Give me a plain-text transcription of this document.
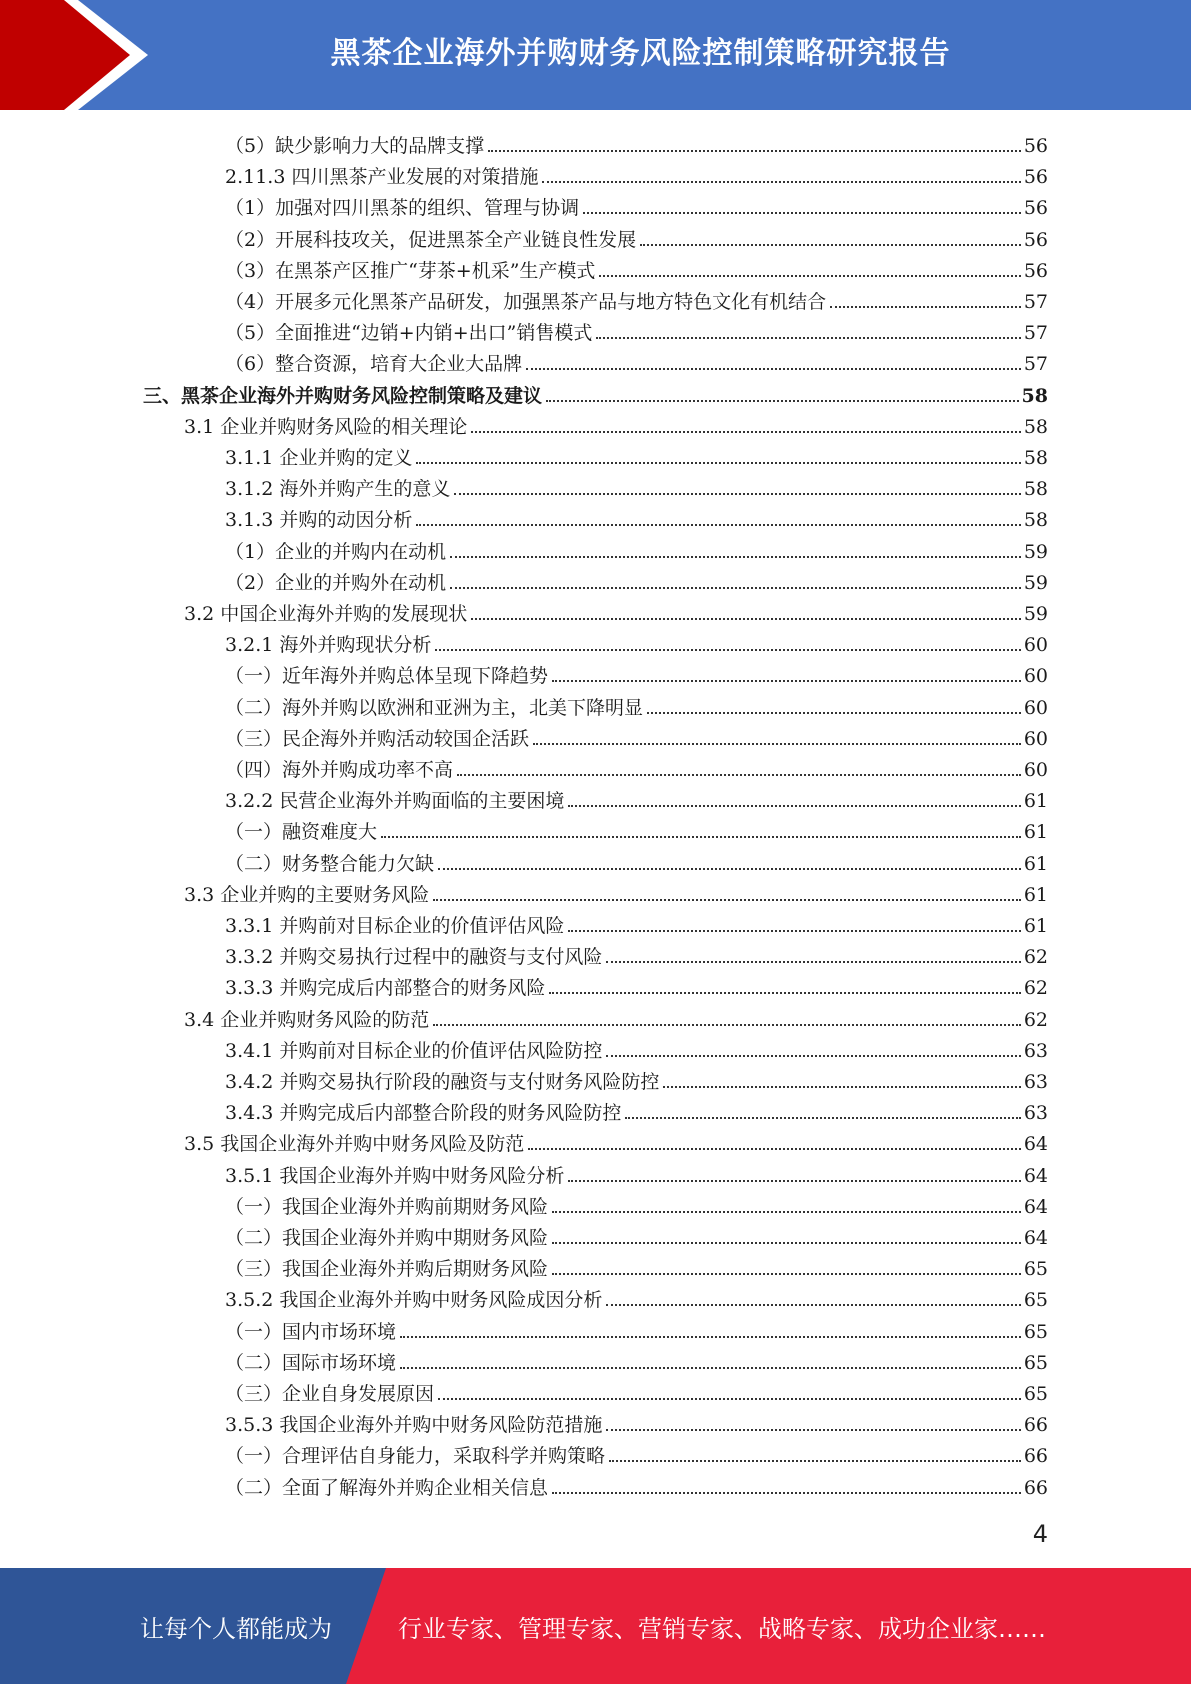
黑茶企业海外并购财务风险控制策略研究报告
（5）缺少影响力大的品牌支撑	56
2.11.3 四川黑茶产业发展的对策措施	56
（1）加强对四川黑茶的组织、管理与协调	56
（2）开展科技攻关，促进黑茶全产业链良性发展	56
（3）在黑茶产区推广“芽茶+机采”生产模式	56
（4）开展多元化黑茶产品研发，加强黑茶产品与地方特色文化有机结合	57
（5）全面推进“边销+内销+出口”销售模式	57
（6）整合资源，培育大企业大品牌	57
三、黑茶企业海外并购财务风险控制策略及建议	58
3.1 企业并购财务风险的相关理论	58
3.1.1 企业并购的定义	58
3.1.2 海外并购产生的意义	58
3.1.3 并购的动因分析	58
（1）企业的并购内在动机	59
（2）企业的并购外在动机	59
3.2 中国企业海外并购的发展现状	59
3.2.1 海外并购现状分析	60
（一）近年海外并购总体呈现下降趋势	60
（二）海外并购以欧洲和亚洲为主，北美下降明显	60
（三）民企海外并购活动较国企活跃	60
（四）海外并购成功率不高	60
3.2.2 民营企业海外并购面临的主要困境	61
（一）融资难度大	61
（二）财务整合能力欠缺	61
3.3 企业并购的主要财务风险	61
3.3.1 并购前对目标企业的价值评估风险	61
3.3.2 并购交易执行过程中的融资与支付风险	62
3.3.3 并购完成后内部整合的财务风险	62
3.4 企业并购财务风险的防范	62
3.4.1 并购前对目标企业的价值评估风险防控	63
3.4.2 并购交易执行阶段的融资与支付财务风险防控	63
3.4.3 并购完成后内部整合阶段的财务风险防控	63
3.5 我国企业海外并购中财务风险及防范	64
3.5.1 我国企业海外并购中财务风险分析	64
（一）我国企业海外并购前期财务风险	64
（二）我国企业海外并购中期财务风险	64
（三）我国企业海外并购后期财务风险	65
3.5.2 我国企业海外并购中财务风险成因分析	65
（一）国内市场环境	65
（二）国际市场环境	65
（三）企业自身发展原因	65
3.5.3 我国企业海外并购中财务风险防范措施	66
（一）合理评估自身能力，采取科学并购策略	66
（二）全面了解海外并购企业相关信息	66
4
让每个人都能成为	行业专家、管理专家、营销专家、战略专家、成功企业家……
